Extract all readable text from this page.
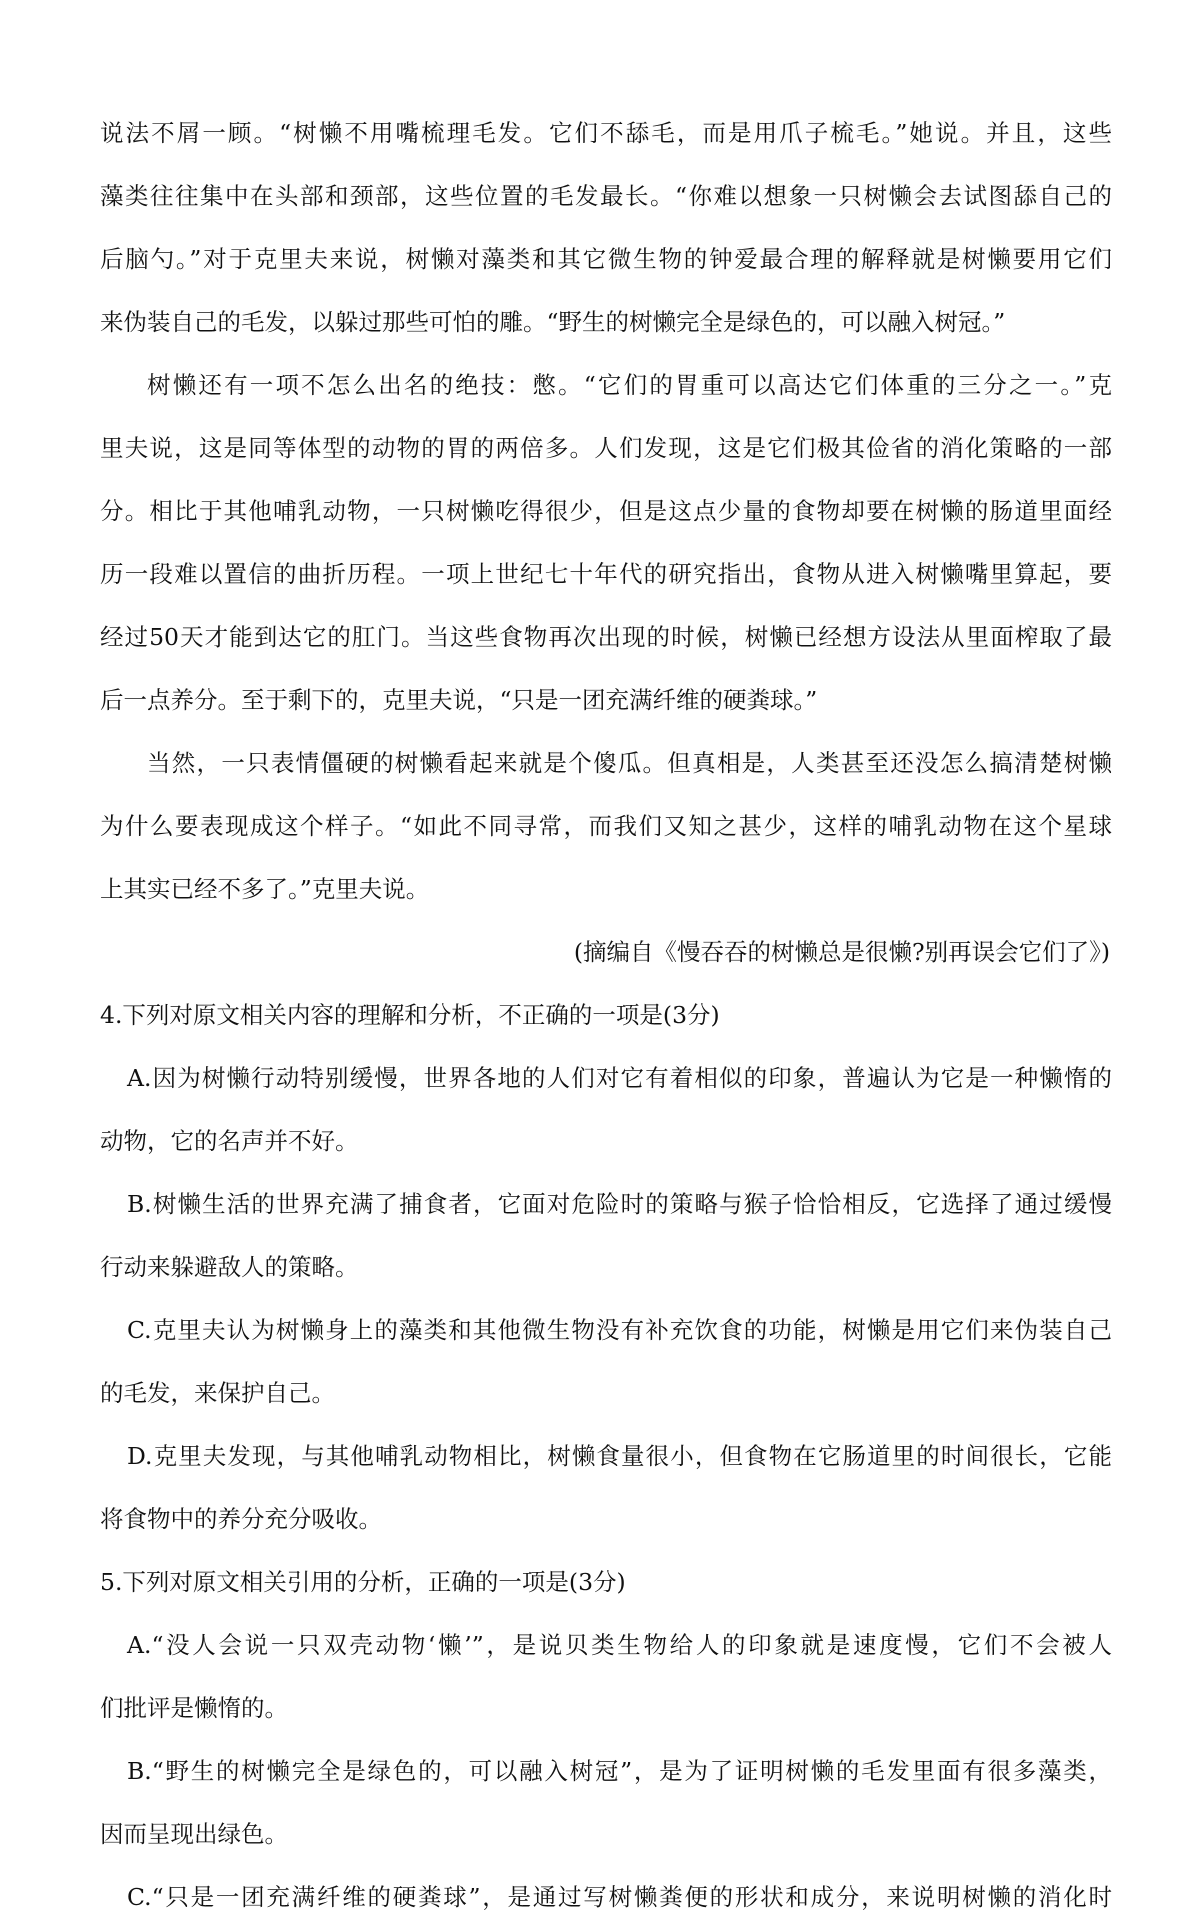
说法不屑一顾。“树懒不用嘴梳理毛发。它们不舔毛，而是用爪子梳毛。”她说。并且，这些
藻类往往集中在头部和颈部，这些位置的毛发最长。“你难以想象一只树懒会去试图舔自己的
后脑勺。”对于克里夫来说，树懒对藻类和其它微生物的钟爱最合理的解释就是树懒要用它们
来伪装自己的毛发，以躲过那些可怕的雕。“野生的树懒完全是绿色的，可以融入树冠。”
树懒还有一项不怎么出名的绝技：憋。“它们的胃重可以高达它们体重的三分之一。”克
里夫说，这是同等体型的动物的胃的两倍多。人们发现，这是它们极其俭省的消化策略的一部
分。相比于其他哺乳动物，一只树懒吃得很少，但是这点少量的食物却要在树懒的肠道里面经
历一段难以置信的曲折历程。一项上世纪七十年代的研究指出，食物从进入树懒嘴里算起，要
经过50天才能到达它的肛门。当这些食物再次出现的时候，树懒已经想方设法从里面榨取了最
后一点养分。至于剩下的，克里夫说，“只是一团充满纤维的硬粪球。”
当然，一只表情僵硬的树懒看起来就是个傻瓜。但真相是，人类甚至还没怎么搞清楚树懒
为什么要表现成这个样子。“如此不同寻常，而我们又知之甚少，这样的哺乳动物在这个星球
上其实已经不多了。”克里夫说。
(摘编自《慢吞吞的树懒总是很懒?别再误会它们了》)
4.下列对原文相关内容的理解和分析，不正确的一项是(3分)
A.因为树懒行动特别缓慢，世界各地的人们对它有着相似的印象，普遍认为它是一种懒惰的
动物，它的名声并不好。
B.树懒生活的世界充满了捕食者，它面对危险时的策略与猴子恰恰相反，它选择了通过缓慢
行动来躲避敌人的策略。
C.克里夫认为树懒身上的藻类和其他微生物没有补充饮食的功能，树懒是用它们来伪装自己
的毛发，来保护自己。
D.克里夫发现，与其他哺乳动物相比，树懒食量很小，但食物在它肠道里的时间很长，它能
将食物中的养分充分吸收。
5.下列对原文相关引用的分析，正确的一项是(3分)
A.“没人会说一只双壳动物‘懒’”，是说贝类生物给人的印象就是速度慢，它们不会被人
们批评是懒惰的。
B.“野生的树懒完全是绿色的，可以融入树冠”，是为了证明树懒的毛发里面有很多藻类，
因而呈现出绿色。
C.“只是一团充满纤维的硬粪球”，是通过写树懒粪便的形状和成分，来说明树懒的消化时
